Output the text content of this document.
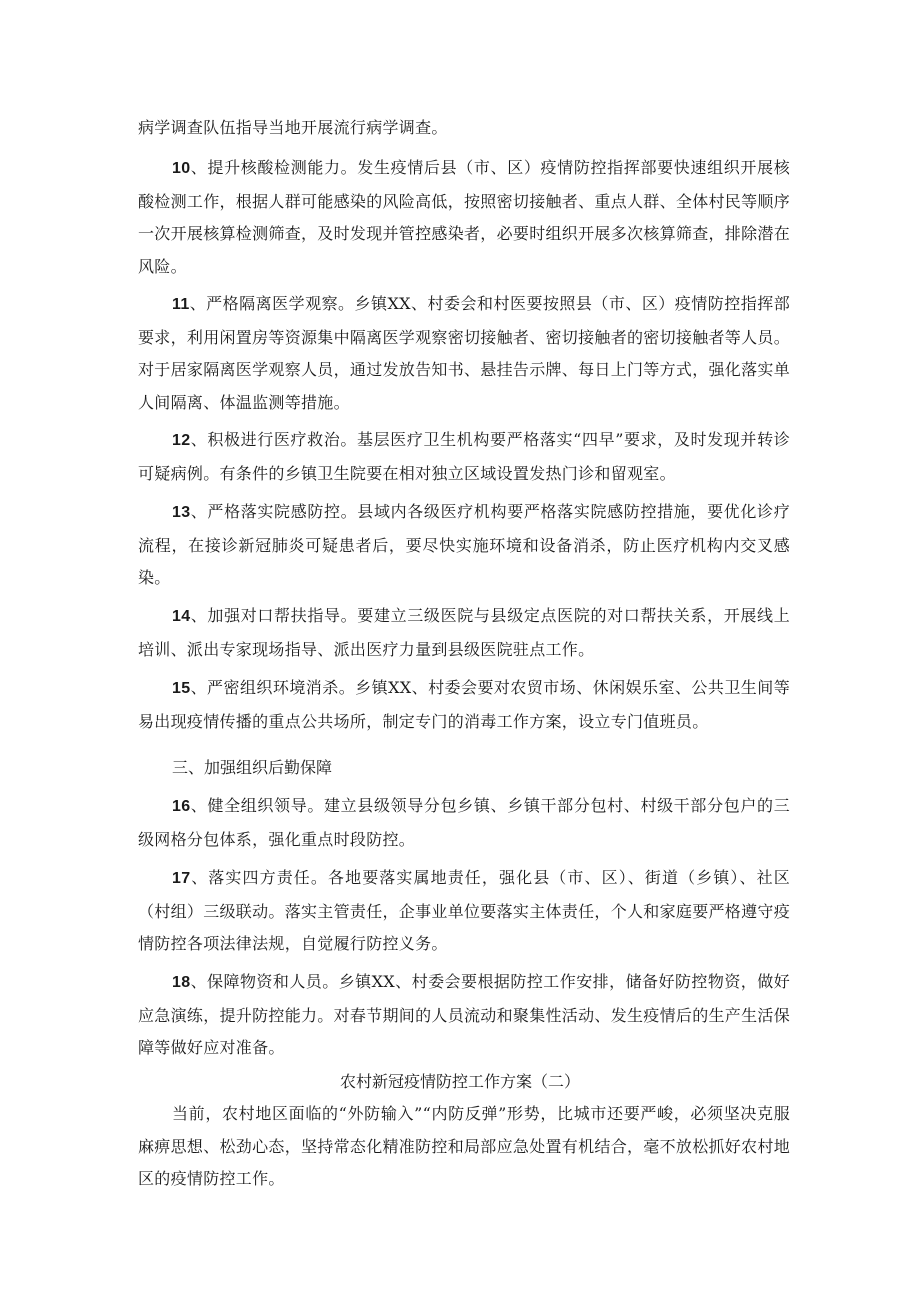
病学调查队伍指导当地开展流行病学调查。

10、提升核酸检测能力。发生疫情后县（市、区）疫情防控指挥部要快速组织开展核酸检测工作，根据人群可能感染的风险高低，按照密切接触者、重点人群、全体村民等顺序一次开展核算检测筛查，及时发现并管控感染者，必要时组织开展多次核算筛查，排除潜在风险。

11、严格隔离医学观察。乡镇XX、村委会和村医要按照县（市、区）疫情防控指挥部要求，利用闲置房等资源集中隔离医学观察密切接触者、密切接触者的密切接触者等人员。对于居家隔离医学观察人员，通过发放告知书、悬挂告示牌、每日上门等方式，强化落实单人间隔离、体温监测等措施。

12、积极进行医疗救治。基层医疗卫生机构要严格落实“四早”要求，及时发现并转诊可疑病例。有条件的乡镇卫生院要在相对独立区域设置发热门诊和留观室。

13、严格落实院感防控。县域内各级医疗机构要严格落实院感防控措施，要优化诊疗流程，在接诊新冠肺炎可疑患者后，要尽快实施环境和设备消杀，防止医疗机构内交叉感染。

14、加强对口帮扶指导。要建立三级医院与县级定点医院的对口帮扶关系，开展线上培训、派出专家现场指导、派出医疗力量到县级医院驻点工作。

15、严密组织环境消杀。乡镇XX、村委会要对农贸市场、休闲娱乐室、公共卫生间等易出现疫情传播的重点公共场所，制定专门的消毒工作方案，设立专门值班员。

三、加强组织后勤保障

16、健全组织领导。建立县级领导分包乡镇、乡镇干部分包村、村级干部分包户的三级网格分包体系，强化重点时段防控。

17、落实四方责任。各地要落实属地责任，强化县（市、区）、街道（乡镇）、社区（村组）三级联动。落实主管责任，企事业单位要落实主体责任，个人和家庭要严格遵守疫情防控各项法律法规，自觉履行防控义务。

18、保障物资和人员。乡镇XX、村委会要根据防控工作安排，储备好防控物资，做好应急演练，提升防控能力。对春节期间的人员流动和聚集性活动、发生疫情后的生产生活保障等做好应对准备。

农村新冠疫情防控工作方案（二）

当前，农村地区面临的“外防输入”“内防反弹”形势，比城市还要严峻，必须坚决克服麻痹思想、松劲心态，坚持常态化精准防控和局部应急处置有机结合，毫不放松抓好农村地区的疫情防控工作。
